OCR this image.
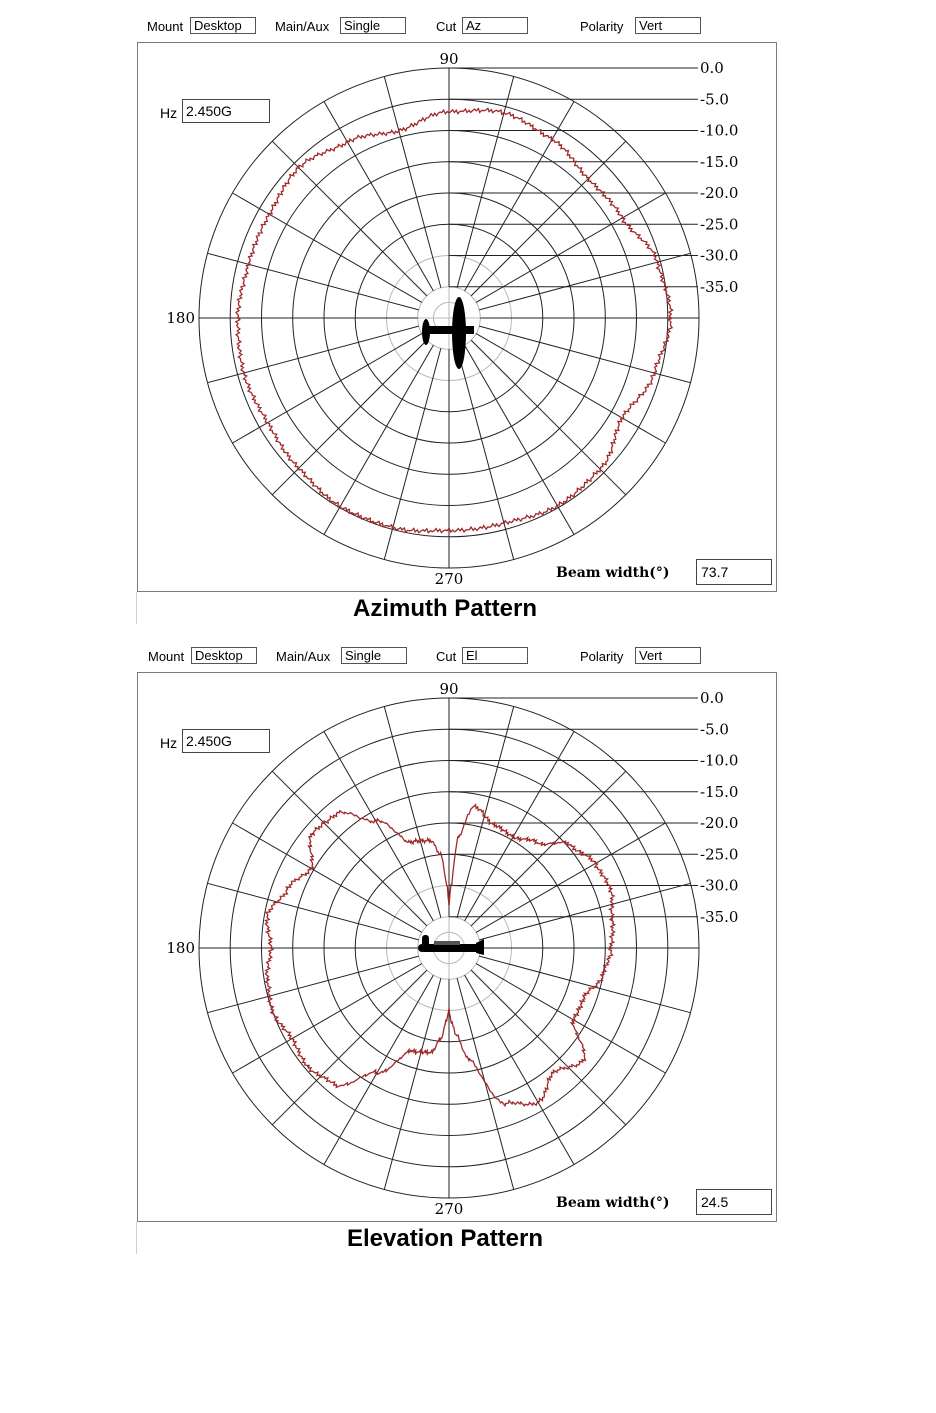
Mount Desktop	Main/Aux	Single	Cut Az	Polarity	Vert
0.0
-5.0
-10.0
-15.0
-20.0
-25.0
-30.0
-35.0
90
180
270
Hz 2.450G
Beam width(°)	73.7
Azimuth Pattern
Mount Desktop	Main/Aux	Single	Cut El	Polarity	Vert
0.0
-5.0
-10.0
-15.0
-20.0
-25.0
-30.0
-35.0
90
180
270
Hz 2.450G
Beam width(°)	24.5
Elevation Pattern
